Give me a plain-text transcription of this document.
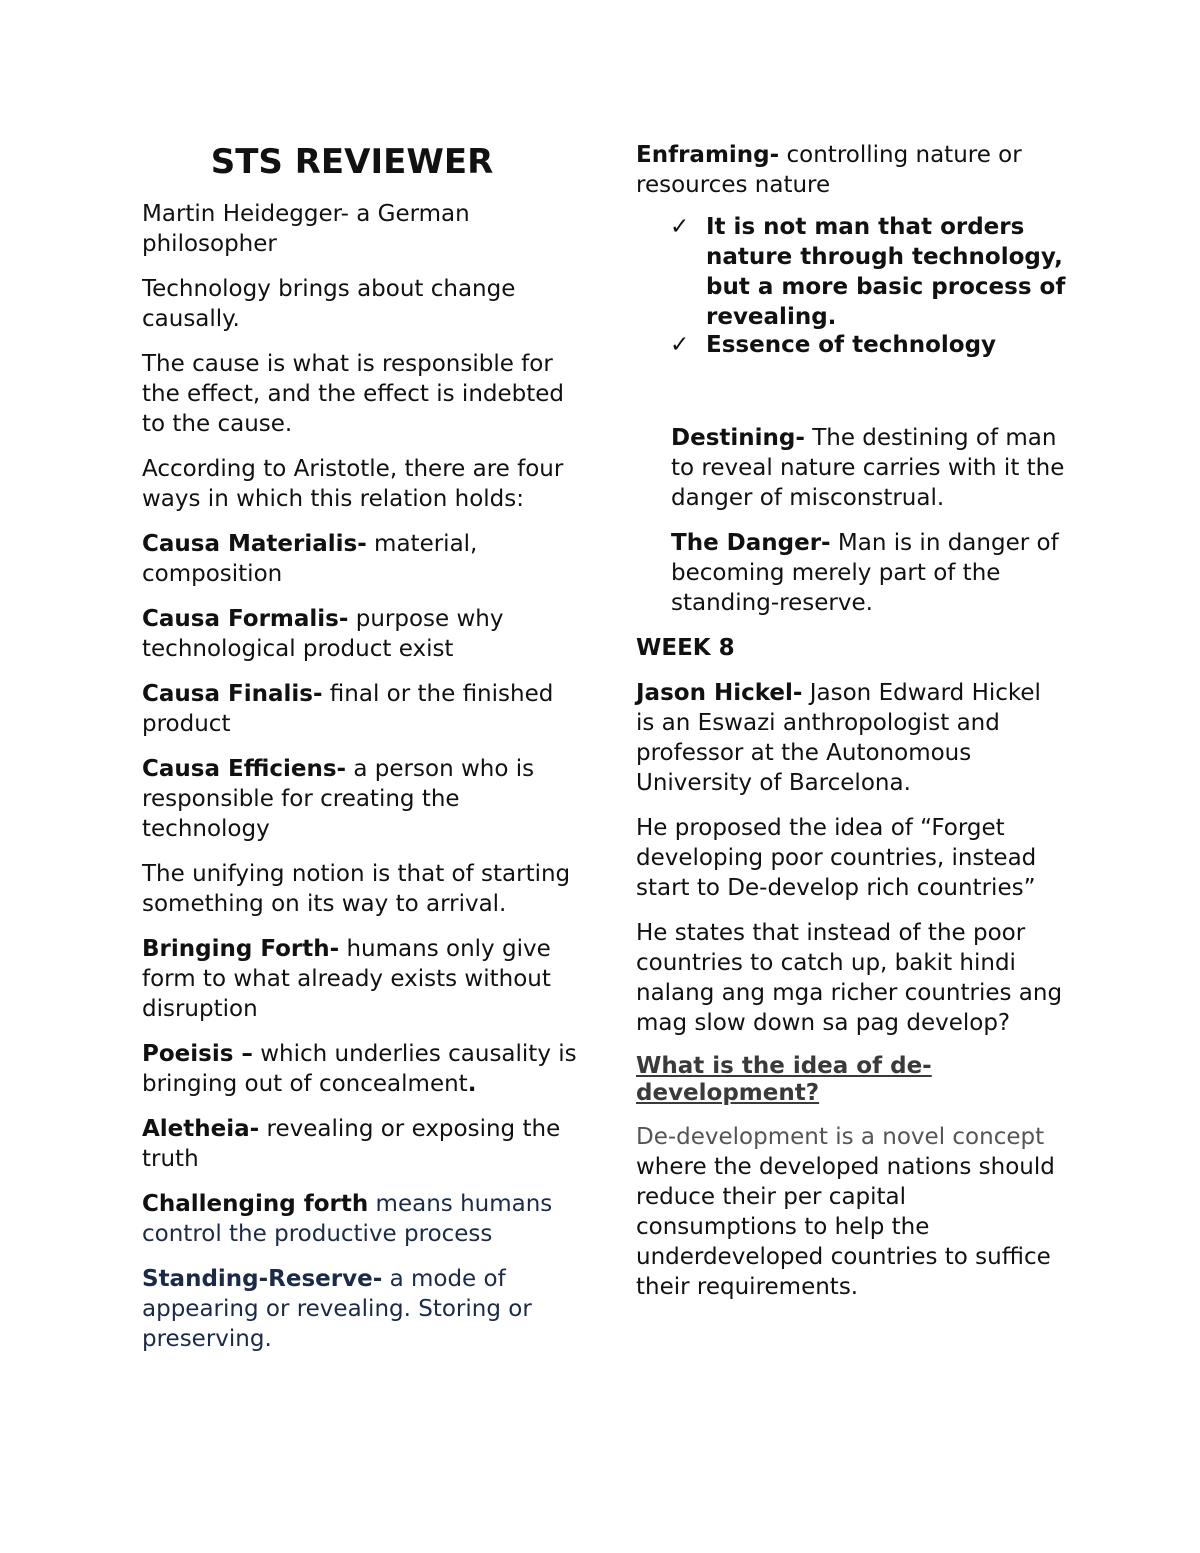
STS REVIEWER

Martin Heidegger- a German philosopher

Technology brings about change causally.

The cause is what is responsible for the effect, and the effect is indebted to the cause.

According to Aristotle, there are four ways in which this relation holds:

Causa Materialis- material, composition

Causa Formalis- purpose why technological product exist

Causa Finalis- final or the finished product

Causa Efficiens- a person who is responsible for creating the technology

The unifying notion is that of starting something on its way to arrival.

Bringing Forth- humans only give form to what already exists without disruption

Poeisis – which underlies causality is bringing out of concealment.

Aletheia- revealing or exposing the truth

Challenging forth means humans control the productive process

Standing-Reserve- a mode of appearing or revealing. Storing or preserving.

Enframing- controlling nature or resources nature

✓ It is not man that orders nature through technology, but a more basic process of revealing.
✓ Essence of technology

Destining- The destining of man to reveal nature carries with it the danger of misconstrual.

The Danger- Man is in danger of becoming merely part of the standing-reserve.

WEEK 8

Jason Hickel- Jason Edward Hickel is an Eswazi anthropologist and professor at the Autonomous University of Barcelona.

He proposed the idea of “Forget developing poor countries, instead start to De-develop rich countries”

He states that instead of the poor countries to catch up, bakit hindi nalang ang mga richer countries ang mag slow down sa pag develop?

What is the idea of de-development?

De-development is a novel concept where the developed nations should reduce their per capital consumptions to help the underdeveloped countries to suffice their requirements.
